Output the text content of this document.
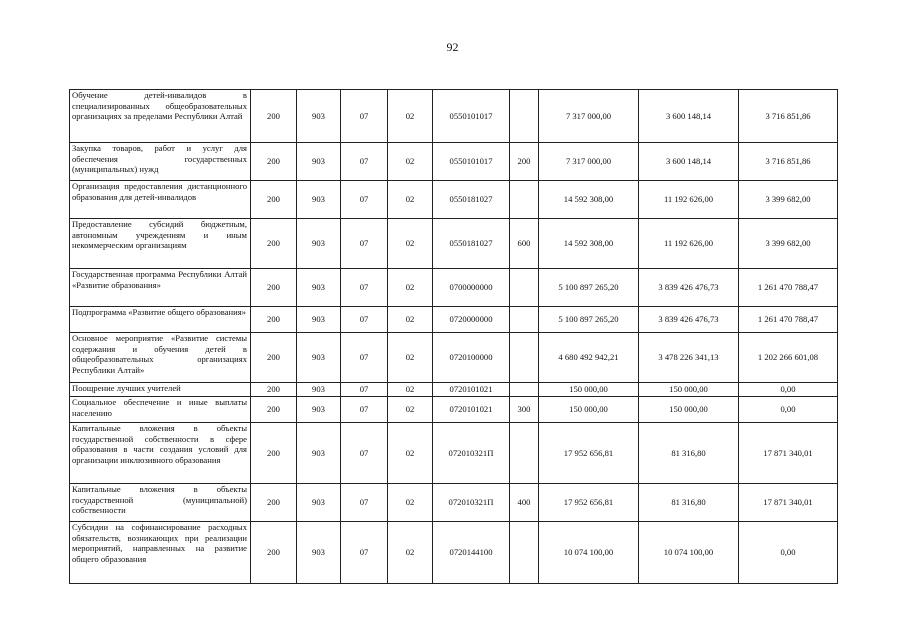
92
Обучение детей-инвалидов в специализированных общеобразовательных организациях за пределами Республики Алтай	200	903	07	02	0550101017		7 317 000,00	3 600 148,14	3 716 851,86
Закупка товаров, работ и услуг для обеспечения государственных (муниципальных) нужд	200	903	07	02	0550101017	200	7 317 000,00	3 600 148,14	3 716 851,86
Организация предоставления дистанционного образования для детей-инвалидов	200	903	07	02	0550181027		14 592 308,00	11 192 626,00	3 399 682,00
Предоставление субсидий бюджетным, автономным учреждениям и иным некоммерческим организациям	200	903	07	02	0550181027	600	14 592 308,00	11 192 626,00	3 399 682,00
Государственная программа Республики Алтай «Развитие образования»	200	903	07	02	0700000000		5 100 897 265,20	3 839 426 476,73	1 261 470 788,47
Подпрограмма «Развитие общего образования»	200	903	07	02	0720000000		5 100 897 265,20	3 839 426 476,73	1 261 470 788,47
Основное мероприятие «Развитие системы содержания и обучения детей в общеобразовательных организациях Республики Алтай»	200	903	07	02	0720100000		4 680 492 942,21	3 478 226 341,13	1 202 266 601,08
Поощрение лучших учителей	200	903	07	02	0720101021		150 000,00	150 000,00	0,00
Социальное обеспечение и иные выплаты населению	200	903	07	02	0720101021	300	150 000,00	150 000,00	0,00
Капитальные вложения в объекты государственной собственности в сфере образования в части создания условий для организации инклюзивного образования	200	903	07	02	072010321П		17 952 656,81	81 316,80	17 871 340,01
Капитальные вложения в объекты государственной (муниципальной) собственности	200	903	07	02	072010321П	400	17 952 656,81	81 316,80	17 871 340,01
Субсидии на софинансирование расходных обязательств, возникающих при реализации мероприятий, направленных на развитие общего образования	200	903	07	02	0720144100		10 074 100,00	10 074 100,00	0,00
